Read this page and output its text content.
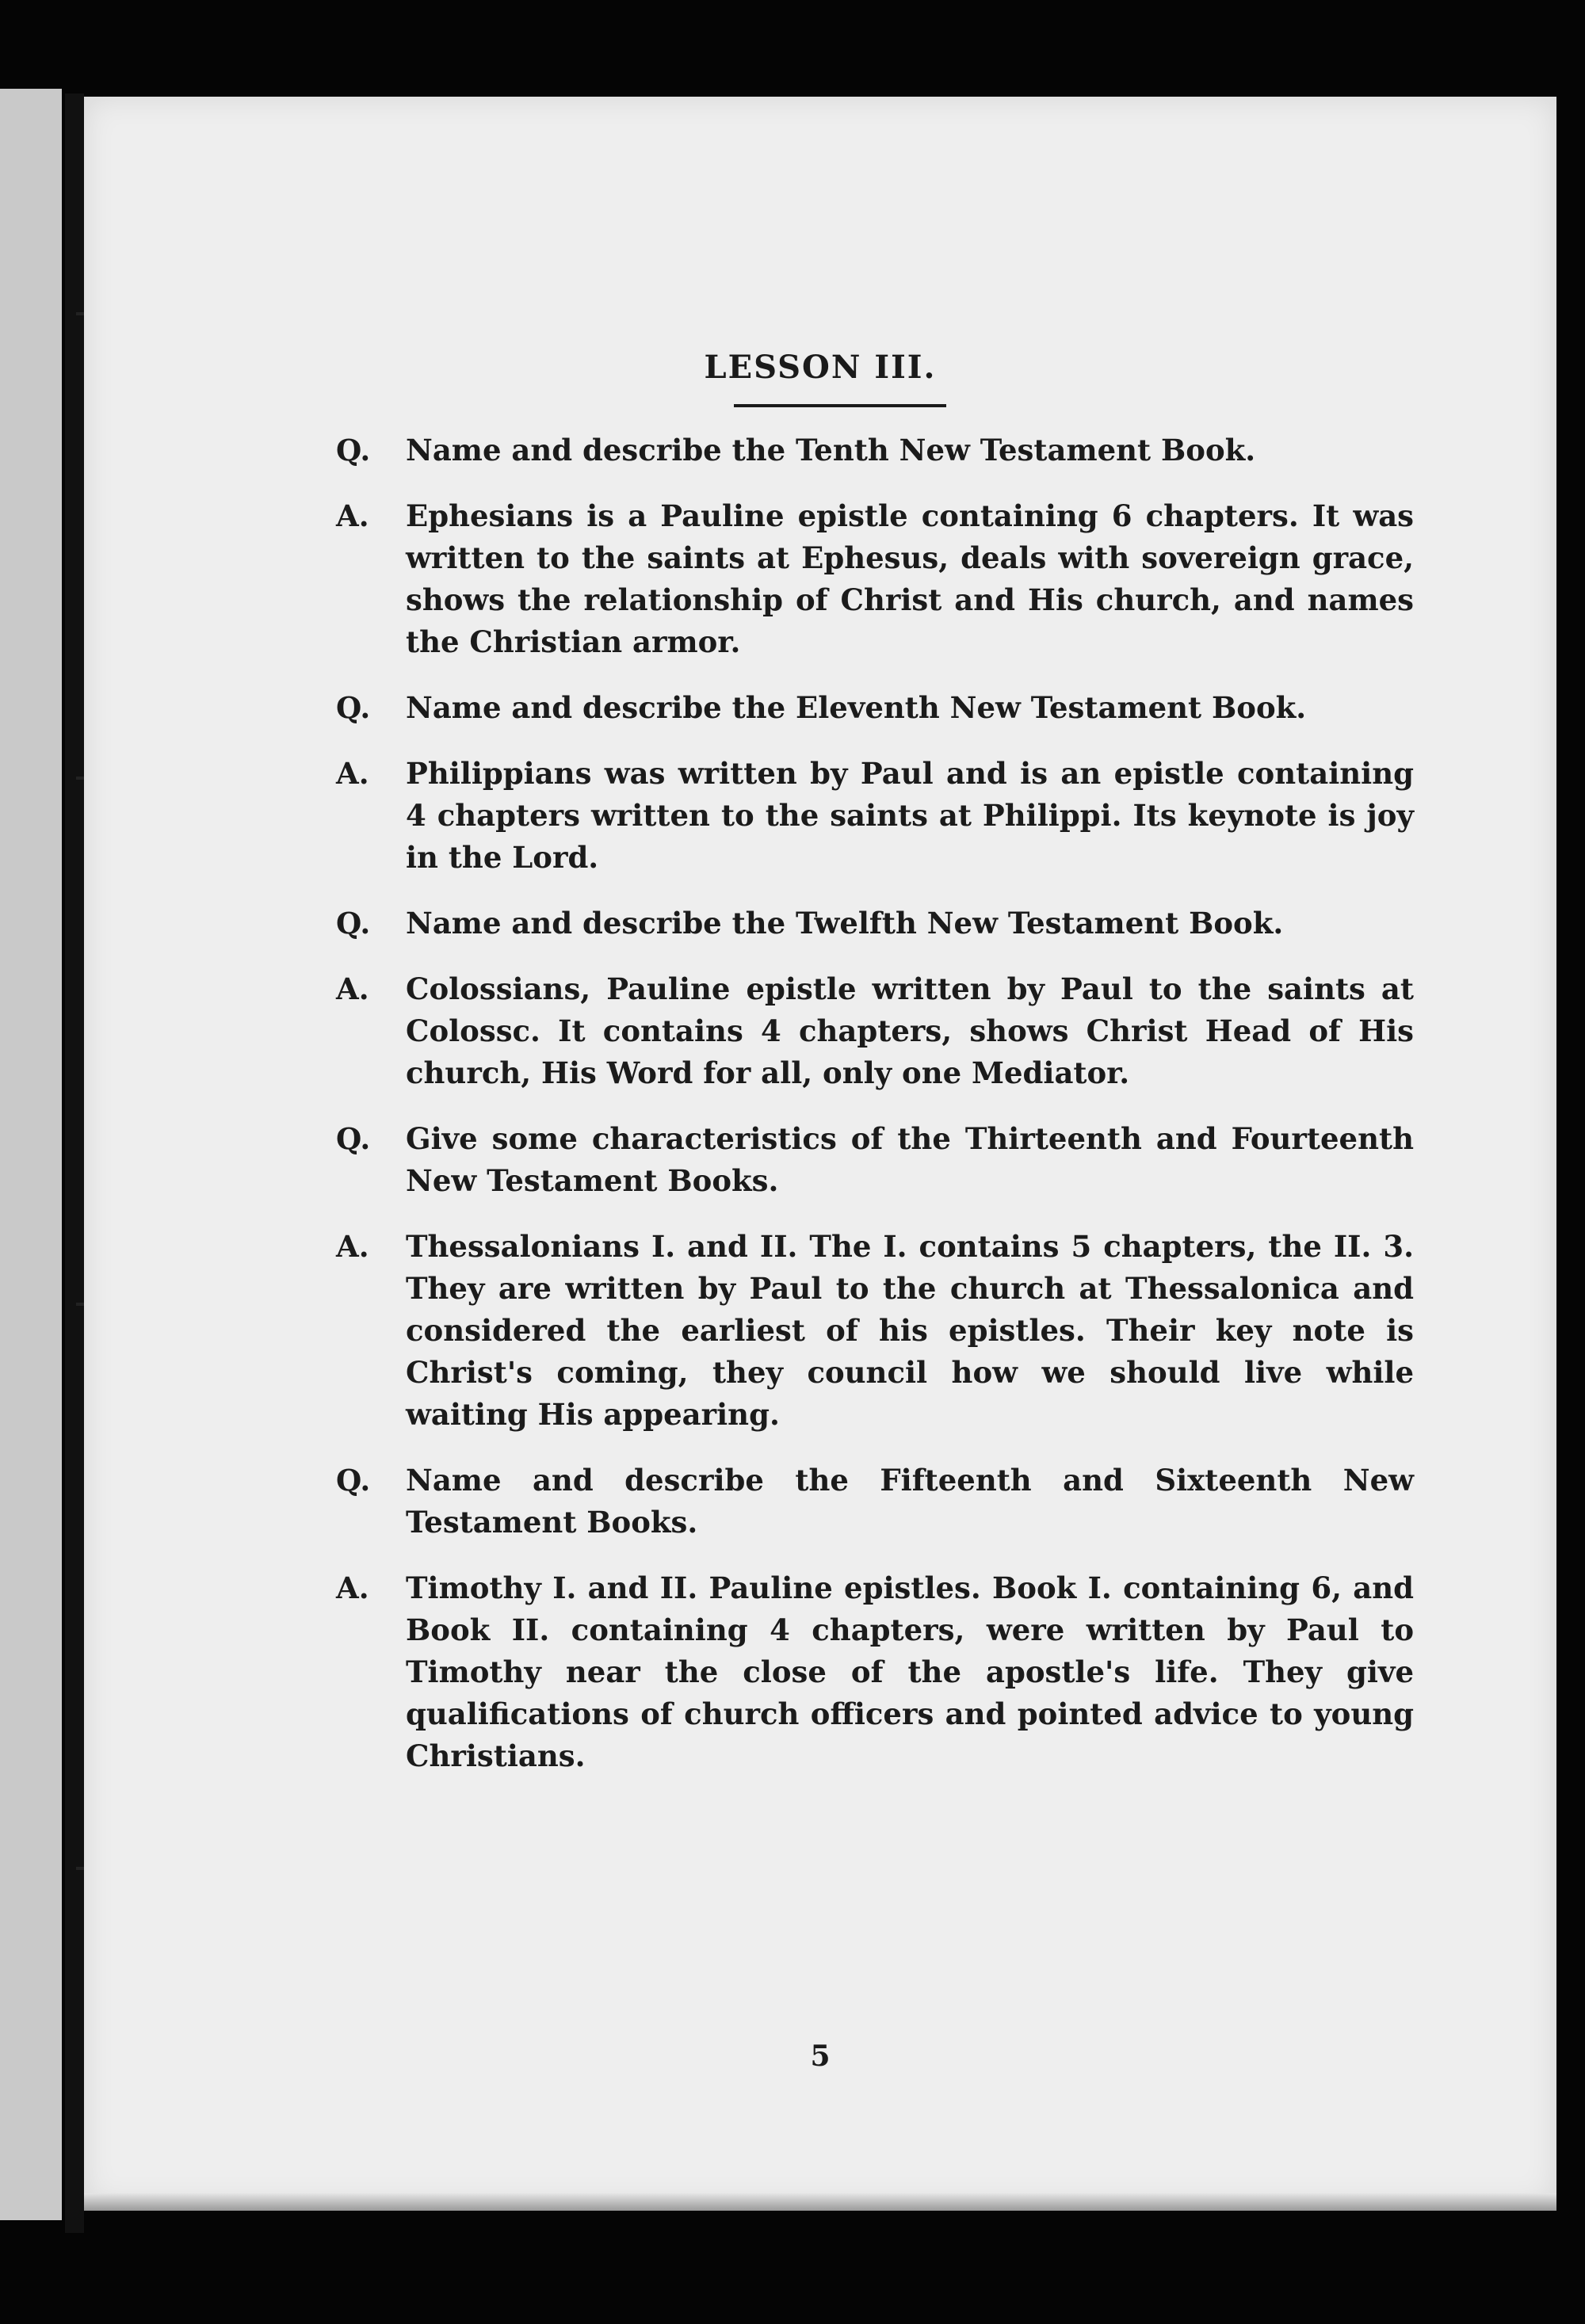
LESSON III.
Q.	Name and describe the Tenth New Testament Book.
A.	Ephesians is a Pauline epistle containing 6 chapters. It was written to the saints at Ephesus, deals with sovereign grace, shows the relationship of Christ and His church, and names the Christian armor.
Q.	Name and describe the Eleventh New Testament Book.
A.	Philippians was written by Paul and is an epistle containing 4 chapters written to the saints at Philippi. Its keynote is joy in the Lord.
Q.	Name and describe the Twelfth New Testament Book.
A.	Colossians, Pauline epistle written by Paul to the saints at Colossc. It contains 4 chapters, shows Christ Head of His church, His Word for all, only one Mediator.
Q.	Give some characteristics of the Thirteenth and Fourteenth New Testament Books.
A.	Thessalonians I. and II. The I. contains 5 chapters, the II. 3. They are written by Paul to the church at Thessalonica and considered the earliest of his epistles. Their key note is Christ's coming, they council how we should live while waiting His appearing.
Q.	Name and describe the Fifteenth and Sixteenth New Testament Books.
A.	Timothy I. and II. Pauline epistles. Book I. containing 6, and Book II. containing 4 chapters, were written by Paul to Timothy near the close of the apostle's life. They give qualifications of church officers and pointed advice to young Christians.
5
